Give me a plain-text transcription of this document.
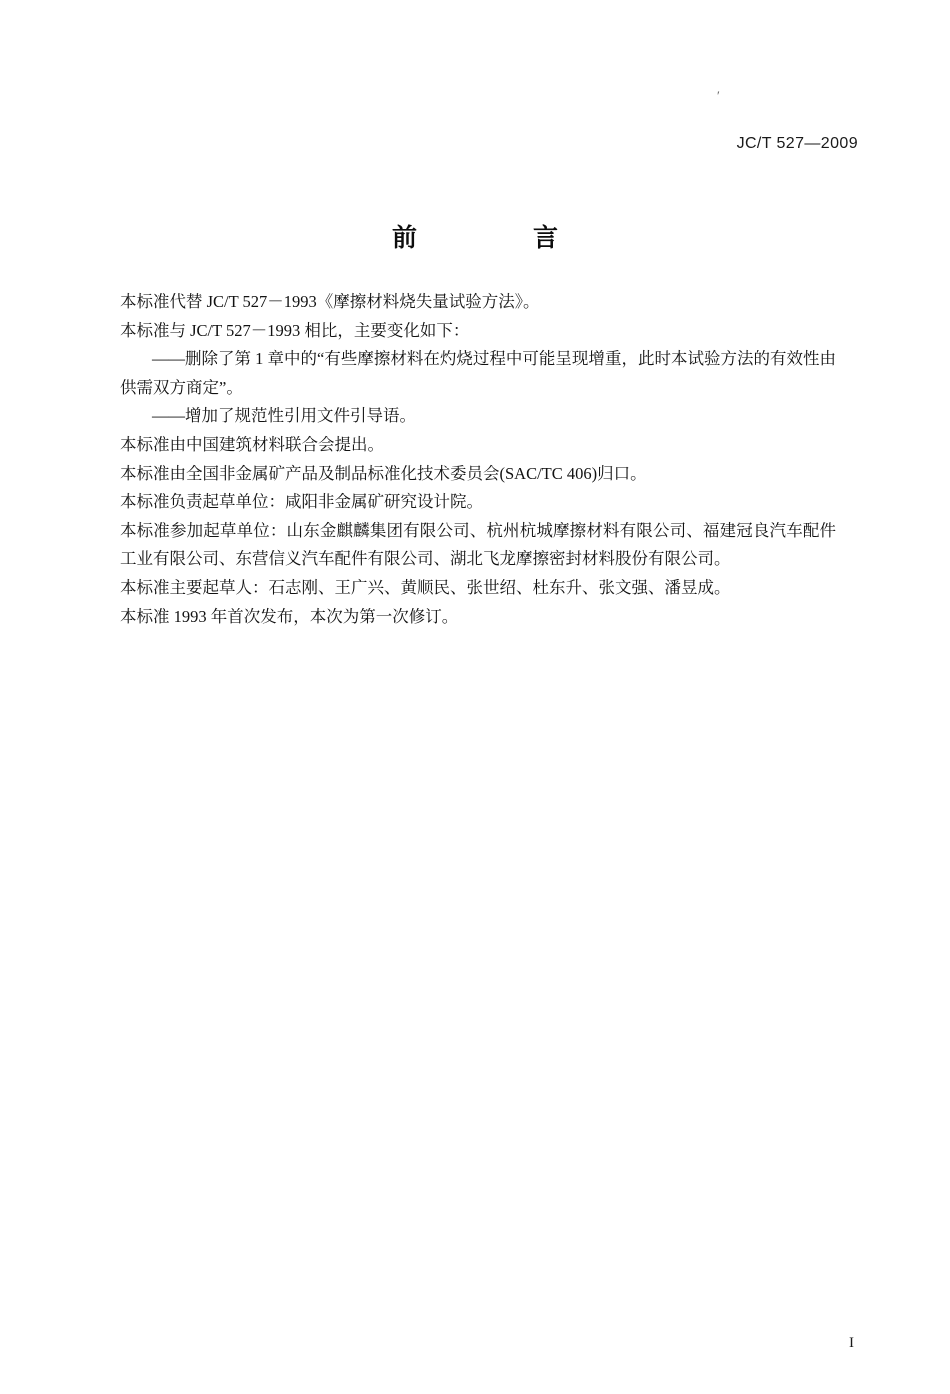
′
JC/T 527—2009
前　　言

本标准代替 JC/T 527－1993《摩擦材料烧失量试验方法》。

本标准与 JC/T 527－1993 相比，主要变化如下：

——删除了第 1 章中的“有些摩擦材料在灼烧过程中可能呈现增重，此时本试验方法的有效性由供需双方商定”。

——增加了规范性引用文件引导语。

本标准由中国建筑材料联合会提出。

本标准由全国非金属矿产品及制品标准化技术委员会(SAC/TC 406)归口。

本标准负责起草单位：咸阳非金属矿研究设计院。

本标准参加起草单位：山东金麒麟集团有限公司、杭州杭城摩擦材料有限公司、福建冠良汽车配件工业有限公司、东营信义汽车配件有限公司、湖北飞龙摩擦密封材料股份有限公司。

本标准主要起草人：石志刚、王广兴、黄顺民、张世绍、杜东升、张文强、潘昱成。

本标准 1993 年首次发布，本次为第一次修订。

I
